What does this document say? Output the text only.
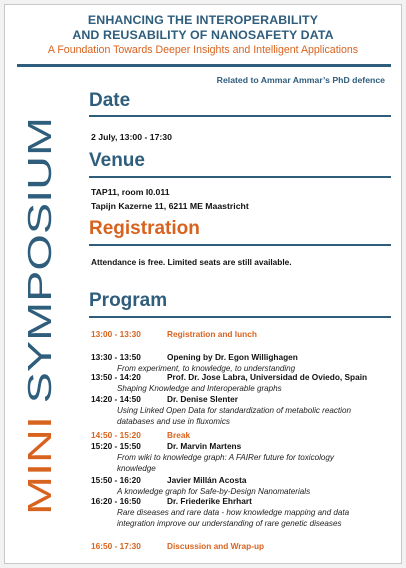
ENHANCING THE INTEROPERABILITY
AND REUSABILITY OF NANOSAFETY DATA
A Foundation Towards Deeper Insights and Intelligent Applications
Related to Ammar Ammar’s PhD defence
MINISYMPOSIUM
Date
2 July, 13:00 - 17:30
Venue
TAP11, room I0.011
Tapijn Kazerne 11, 6211 ME Maastricht
Registration
Attendance is free. Limited seats are still available.
Program
13:00 - 13:30	Registration and lunch
13:30 - 13:50	Opening by Dr. Egon Willighagen
From experiment, to knowledge, to understanding
13:50 - 14:20	Prof. Dr. Jose Labra, Universidad de Oviedo, Spain
Shaping Knowledge and Interoperable graphs
14:20 - 14:50	Dr. Denise Slenter
Using Linked Open Data for standardization of metabolic reaction
databases and use in fluxomics
14:50 - 15:20	Break
15:20 - 15:50	Dr. Marvin Martens
From wiki to knowledge graph: A FAIRer future for toxicology
knowledge
15:50 - 16:20	Javier Millán Acosta
A knowledge graph for Safe-by-Design Nanomaterials
16:20 - 16:50	Dr. Friederike Ehrhart
Rare diseases and rare data - how knowledge mapping and data
integration improve our understanding of rare genetic diseases
16:50 - 17:30	Discussion and Wrap-up
